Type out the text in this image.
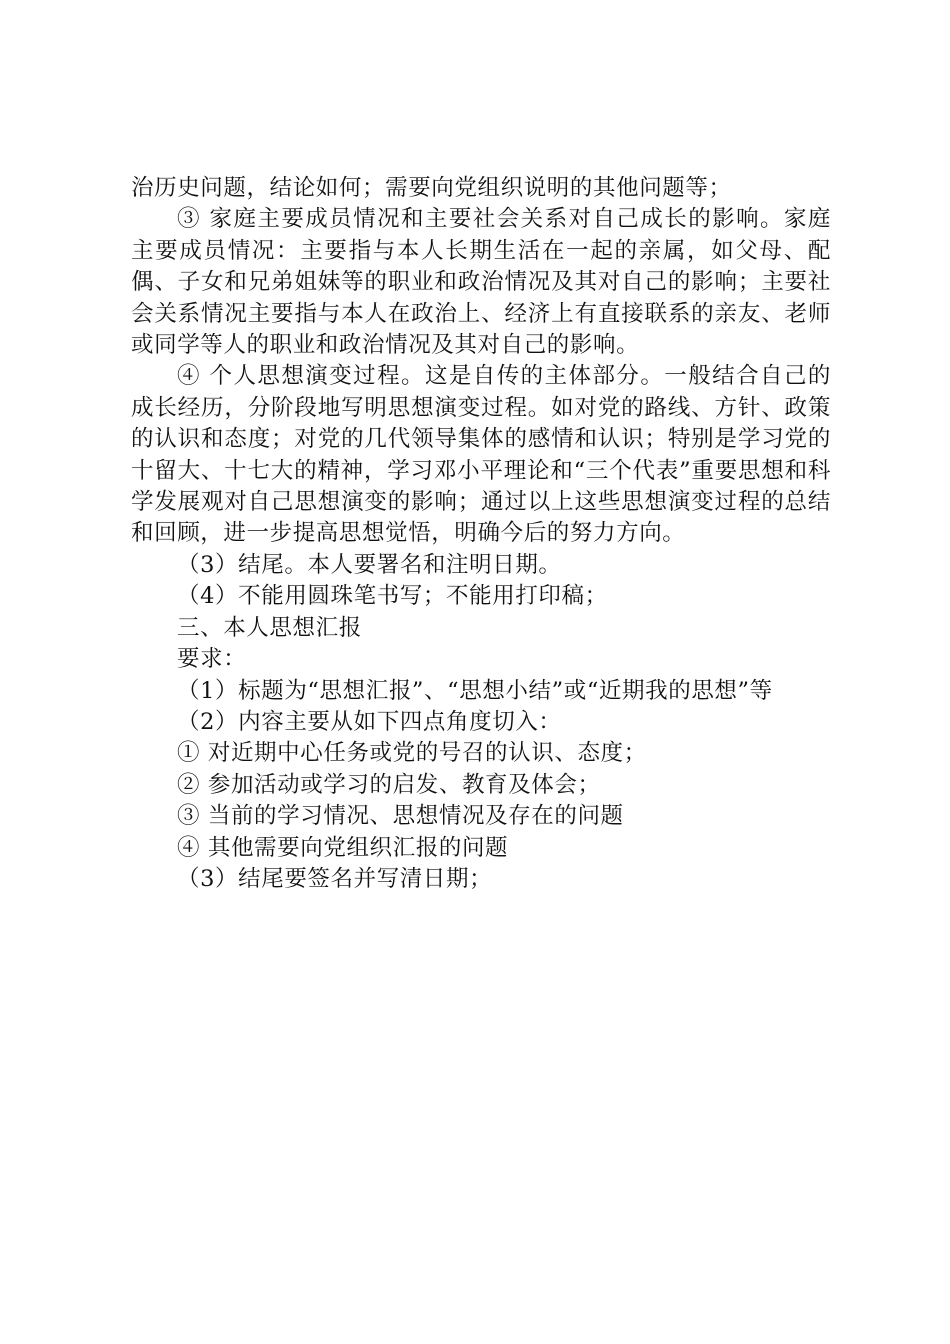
治历史问题，结论如何；需要向党组织说明的其他问题等；

③ 家庭主要成员情况和主要社会关系对自己成长的影响。家庭主要成员情况：主要指与本人长期生活在一起的亲属，如父母、配偶、子女和兄弟姐妹等的职业和政治情况及其对自己的影响；主要社会关系情况主要指与本人在政治上、经济上有直接联系的亲友、老师或同学等人的职业和政治情况及其对自己的影响。

④ 个人思想演变过程。这是自传的主体部分。一般结合自己的成长经历，分阶段地写明思想演变过程。如对党的路线、方针、政策的认识和态度；对党的几代领导集体的感情和认识；特别是学习党的十留大、十七大的精神，学习邓小平理论和“三个代表”重要思想和科学发展观对自己思想演变的影响；通过以上这些思想演变过程的总结和回顾，进一步提高思想觉悟，明确今后的努力方向。

（3）结尾。本人要署名和注明日期。

（4）不能用圆珠笔书写；不能用打印稿；

三、本人思想汇报

要求：

（1）标题为“思想汇报”、“思想小结”或“近期我的思想”等

（2）内容主要从如下四点角度切入：

① 对近期中心任务或党的号召的认识、态度；

② 参加活动或学习的启发、教育及体会；

③ 当前的学习情况、思想情况及存在的问题

④ 其他需要向党组织汇报的问题

（3）结尾要签名并写清日期；
